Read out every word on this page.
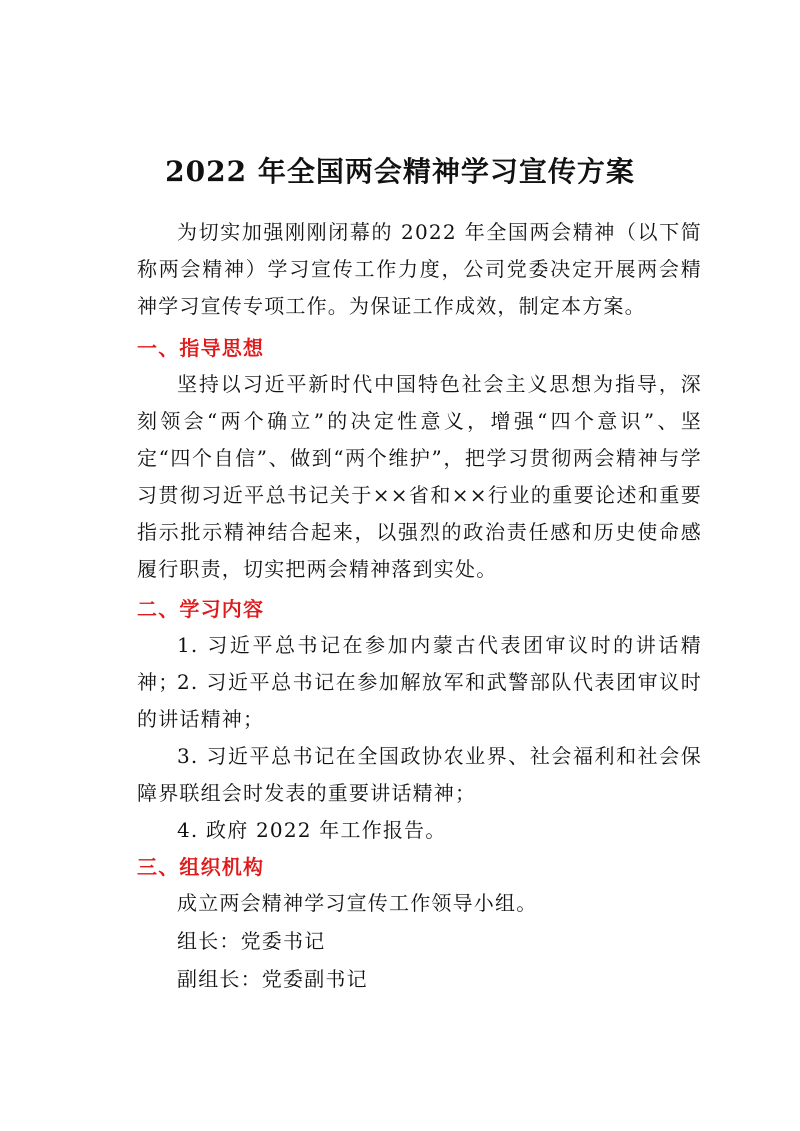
2022 年全国两会精神学习宣传方案

为切实加强刚刚闭幕的 2022 年全国两会精神（以下简称两会精神）学习宣传工作力度，公司党委决定开展两会精神学习宣传专项工作。为保证工作成效，制定本方案。

一、指导思想

坚持以习近平新时代中国特色社会主义思想为指导，深刻领会“两个确立”的决定性意义，增强“四个意识”、坚定“四个自信”、做到“两个维护”，把学习贯彻两会精神与学习贯彻习近平总书记关于××省和××行业的重要论述和重要指示批示精神结合起来，以强烈的政治责任感和历史使命感履行职责，切实把两会精神落到实处。

二、学习内容

1. 习近平总书记在参加内蒙古代表团审议时的讲话精神；

2. 习近平总书记在参加解放军和武警部队代表团审议时的讲话精神；

3. 习近平总书记在全国政协农业界、社会福利和社会保障界联组会时发表的重要讲话精神；

4. 政府 2022 年工作报告。

三、组织机构

成立两会精神学习宣传工作领导小组。

组长：党委书记

副组长：党委副书记
